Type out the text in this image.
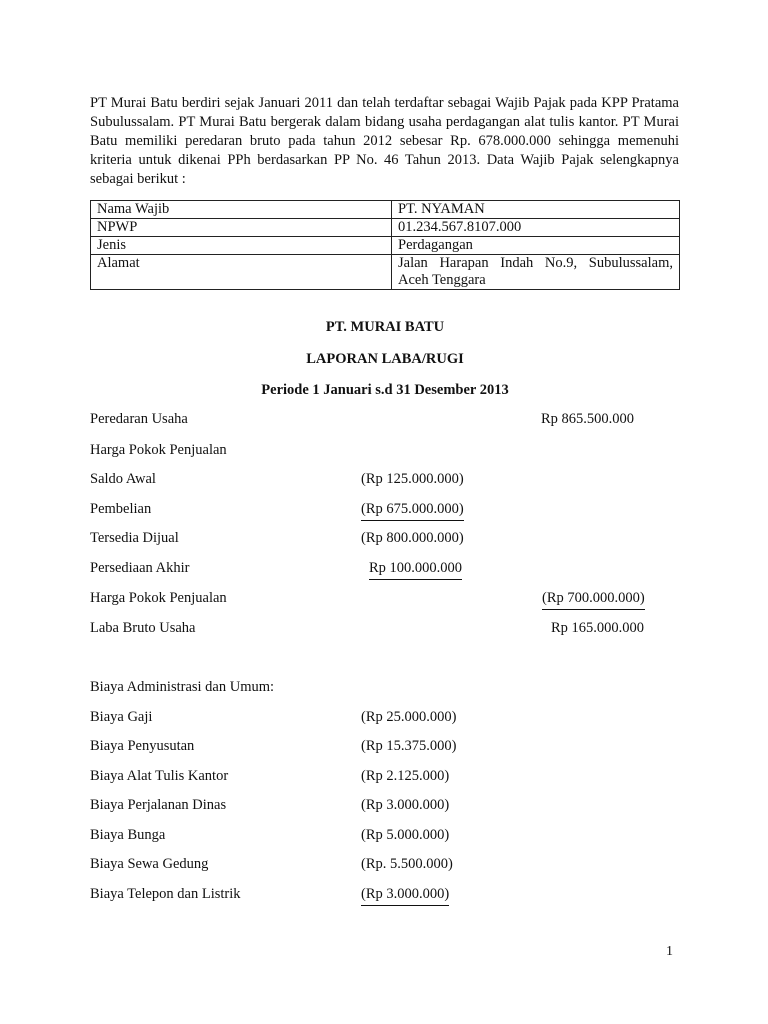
PT Murai Batu berdiri sejak Januari 2011 dan telah terdaftar sebagai Wajib Pajak pada KPP Pratama Subulussalam. PT Murai Batu bergerak dalam bidang usaha perdagangan alat tulis kantor. PT Murai Batu memiliki peredaran bruto pada tahun 2012 sebesar Rp. 678.000.000 sehingga memenuhi kriteria untuk dikenai PPh berdasarkan PP No. 46 Tahun 2013. Data Wajib Pajak selengkapnya sebagai berikut :

Nama Wajib	PT. NYAMAN
NPWP	01.234.567.8107.000
Jenis	Perdagangan
Alamat	Jalan Harapan Indah No.9, Subulussalam, Aceh Tenggara
PT. MURAI BATU
LAPORAN LABA/RUGI
Periode 1 Januari s.d 31 Desember 2013
Peredaran Usaha	Rp 865.500.000
Harga Pokok Penjualan
Saldo Awal	(Rp 125.000.000)
Pembelian	(Rp 675.000.000)
Tersedia Dijual	(Rp 800.000.000)
Persediaan Akhir	Rp 100.000.000
Harga Pokok Penjualan	(Rp 700.000.000)
Laba Bruto Usaha	Rp 165.000.000
Biaya Administrasi dan Umum:
Biaya Gaji	(Rp 25.000.000)
Biaya Penyusutan	(Rp 15.375.000)
Biaya Alat Tulis Kantor	(Rp 2.125.000)
Biaya Perjalanan Dinas	(Rp 3.000.000)
Biaya Bunga	(Rp 5.000.000)
Biaya Sewa Gedung	(Rp. 5.500.000)
Biaya Telepon dan Listrik	(Rp 3.000.000)
1
